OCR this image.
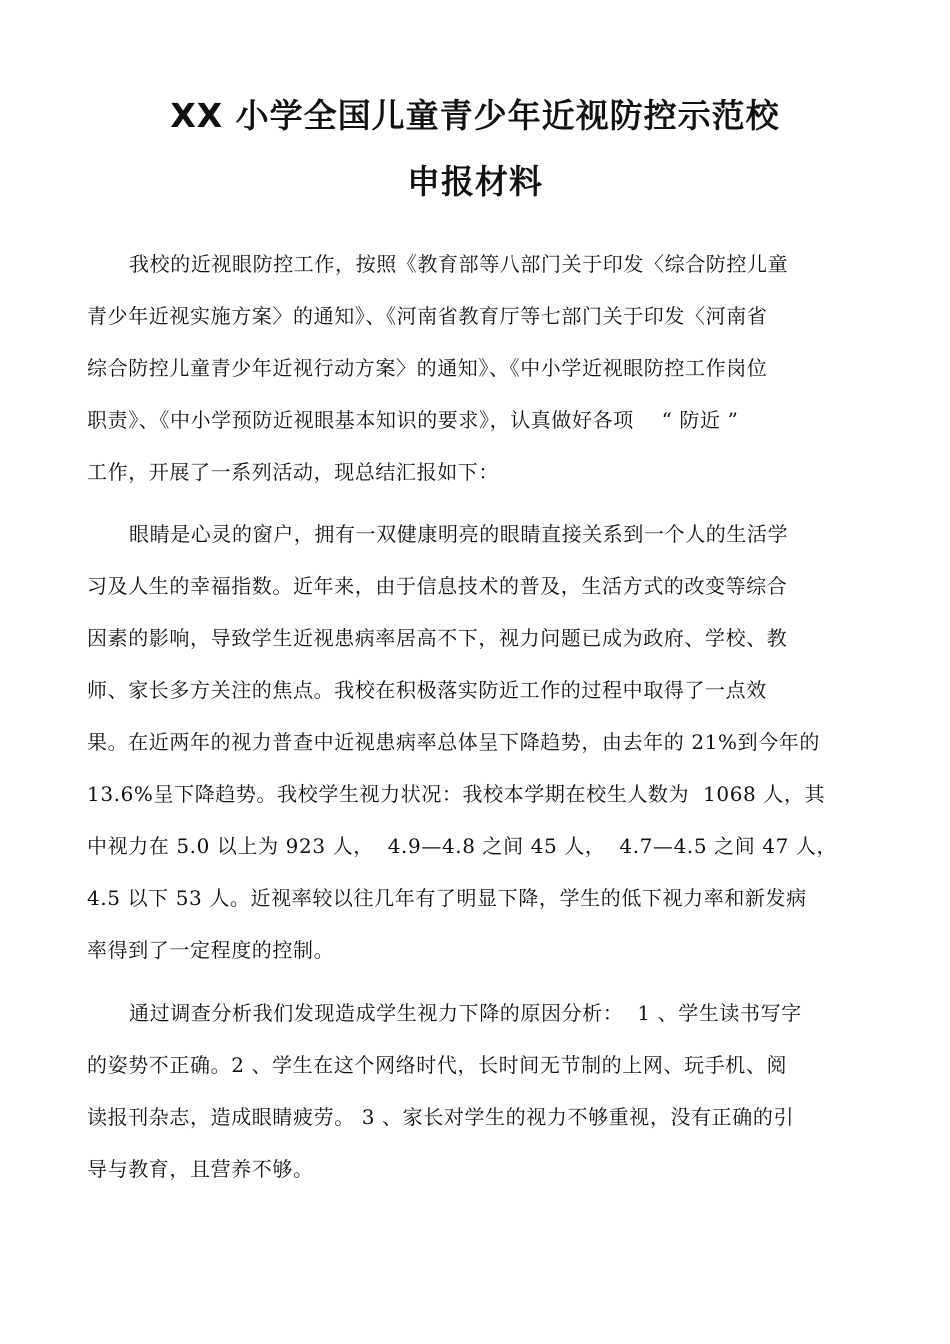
XX 小学全国儿童青少年近视防控示范校
申报材料
我校的近视眼防控工作，按照《教育部等八部门关于印发〈综合防控儿童
青少年近视实施方案〉的通知》、《河南省教育厅等七部门关于印发〈河南省
综合防控儿童青少年近视行动方案〉的通知》、《中小学近视眼防控工作岗位
职责》、《中小学预防近视眼基本知识的要求》，认真做好各项    “ 防近 ”
工作，开展了一系列活动，现总结汇报如下：
眼睛是心灵的窗户，拥有一双健康明亮的眼睛直接关系到一个人的生活学
习及人生的幸福指数。近年来，由于信息技术的普及，生活方式的改变等综合
因素的影响，导致学生近视患病率居高不下，视力问题已成为政府、学校、教
师、家长多方关注的焦点。我校在积极落实防近工作的过程中取得了一点效
果。在近两年的视力普查中近视患病率总体呈下降趋势，由去年的 21%到今年的
13.6%呈下降趋势。我校学生视力状况：我校本学期在校生人数为  1068 人，其
中视力在 5.0 以上为 923 人，  4.9—4.8 之间 45 人，  4.7—4.5 之间 47 人，
4.5 以下 53 人。近视率较以往几年有了明显下降，学生的低下视力率和新发病
率得到了一定程度的控制。
通过调查分析我们发现造成学生视力下降的原因分析：  1 、学生读书写字
的姿势不正确。2 、学生在这个网络时代，长时间无节制的上网、玩手机、阅
读报刊杂志，造成眼睛疲劳。 3 、家长对学生的视力不够重视，没有正确的引
导与教育，且营养不够。
